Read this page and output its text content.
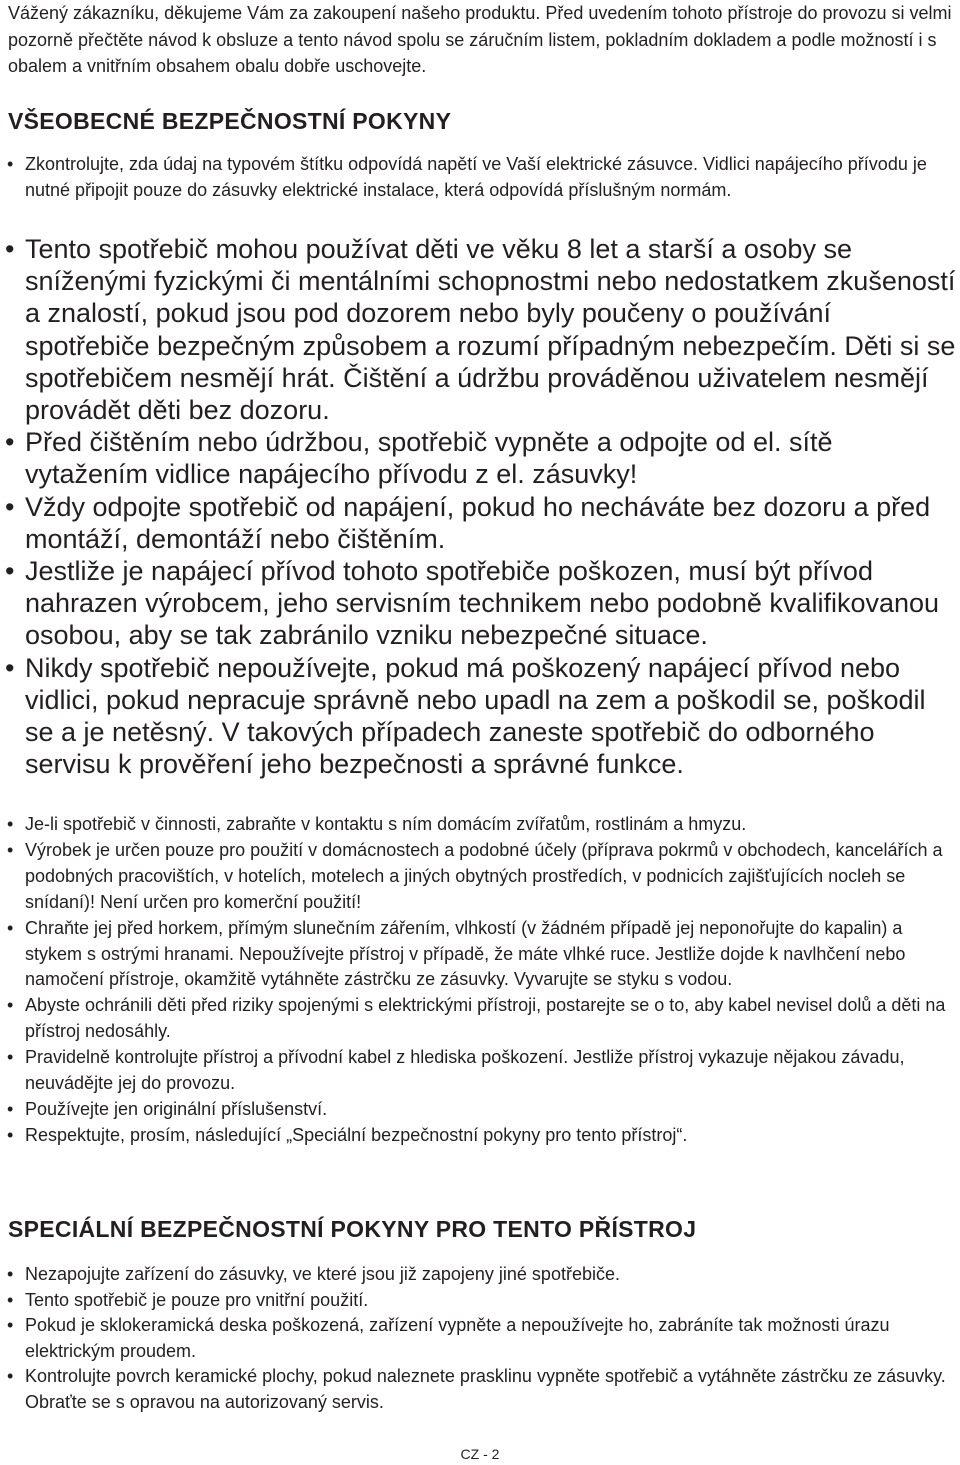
Vážený zákazníku, děkujeme Vám za zakoupení našeho produktu. Před uvedením tohoto přístroje do provozu si velmi pozorně přečtěte návod k obsluze a tento návod spolu se záručním listem, pokladním dokladem a podle možností i s obalem a vnitřním obsahem obalu dobře uschovejte.

VŠEOBECNÉ BEZPEČNOSTNÍ POKYNY
• Zkontrolujte, zda údaj na typovém štítku odpovídá napětí ve Vaší elektrické zásuvce. Vidlici napájecího přívodu je nutné připojit pouze do zásuvky elektrické instalace, která odpovídá příslušným normám.
• Tento spotřebič mohou používat děti ve věku 8 let a starší a osoby se sníženými fyzickými či mentálními schopnostmi nebo nedostatkem zkušeností a znalostí, pokud jsou pod dozorem nebo byly poučeny o používání spotřebiče bezpečným způsobem a rozumí případným nebezpečím. Děti si se spotřebičem nesmějí hrát. Čištění a údržbu prováděnou uživatelem nesmějí provádět děti bez dozoru.
• Před čištěním nebo údržbou, spotřebič vypněte a odpojte od el. sítě vytažením vidlice napájecího přívodu z el. zásuvky!
• Vždy odpojte spotřebič od napájení, pokud ho necháváte bez dozoru a před montáží, demontáží nebo čištěním.
• Jestliže je napájecí přívod tohoto spotřebiče poškozen, musí být přívod nahrazen výrobcem, jeho servisním technikem nebo podobně kvalifikovanou osobou, aby se tak zabránilo vzniku nebezpečné situace.
• Nikdy spotřebič nepoužívejte, pokud má poškozený napájecí přívod nebo vidlici, pokud nepracuje správně nebo upadl na zem a poškodil se, poškodil se a je netěsný. V takových případech zaneste spotřebič do odborného servisu k prověření jeho bezpečnosti a správné funkce.
• Je-li spotřebič v činnosti, zabraňte v kontaktu s ním domácím zvířatům, rostlinám a hmyzu.
• Výrobek je určen pouze pro použití v domácnostech a podobné účely (příprava pokrmů v obchodech, kancelářích a podobných pracovištích, v hotelích, motelech a jiných obytných prostředích, v podnicích zajišťujících nocleh se snídaní)! Není určen pro komerční použití!
• Chraňte jej před horkem, přímým slunečním zářením, vlhkostí (v žádném případě jej neponořujte do kapalin) a stykem s ostrými hranami. Nepoužívejte přístroj v případě, že máte vlhké ruce. Jestliže dojde k navlhčení nebo namočení přístroje, okamžitě vytáhněte zástrčku ze zásuvky. Vyvarujte se styku s vodou.
• Abyste ochránili děti před riziky spojenými s elektrickými přístroji, postarejte se o to, aby kabel nevisel dolů a děti na přístroj nedosáhly.
• Pravidelně kontrolujte přístroj a přívodní kabel z hlediska poškození. Jestliže přístroj vykazuje nějakou závadu, neuvádějte jej do provozu.
• Používejte jen originální příslušenství.
• Respektujte, prosím, následující „Speciální bezpečnostní pokyny pro tento přístroj“.
SPECIÁLNÍ BEZPEČNOSTNÍ POKYNY PRO TENTO PŘÍSTROJ
• Nezapojujte zařízení do zásuvky, ve které jsou již zapojeny jiné spotřebiče.
• Tento spotřebič je pouze pro vnitřní použití.
• Pokud je sklokeramická deska poškozená, zařízení vypněte a nepoužívejte ho, zabráníte tak možnosti úrazu elektrickým proudem.
• Kontrolujte povrch keramické plochy, pokud naleznete prasklinu vypněte spotřebič a vytáhněte zástrčku ze zásuvky. Obraťte se s opravou na autorizovaný servis.
CZ - 2
